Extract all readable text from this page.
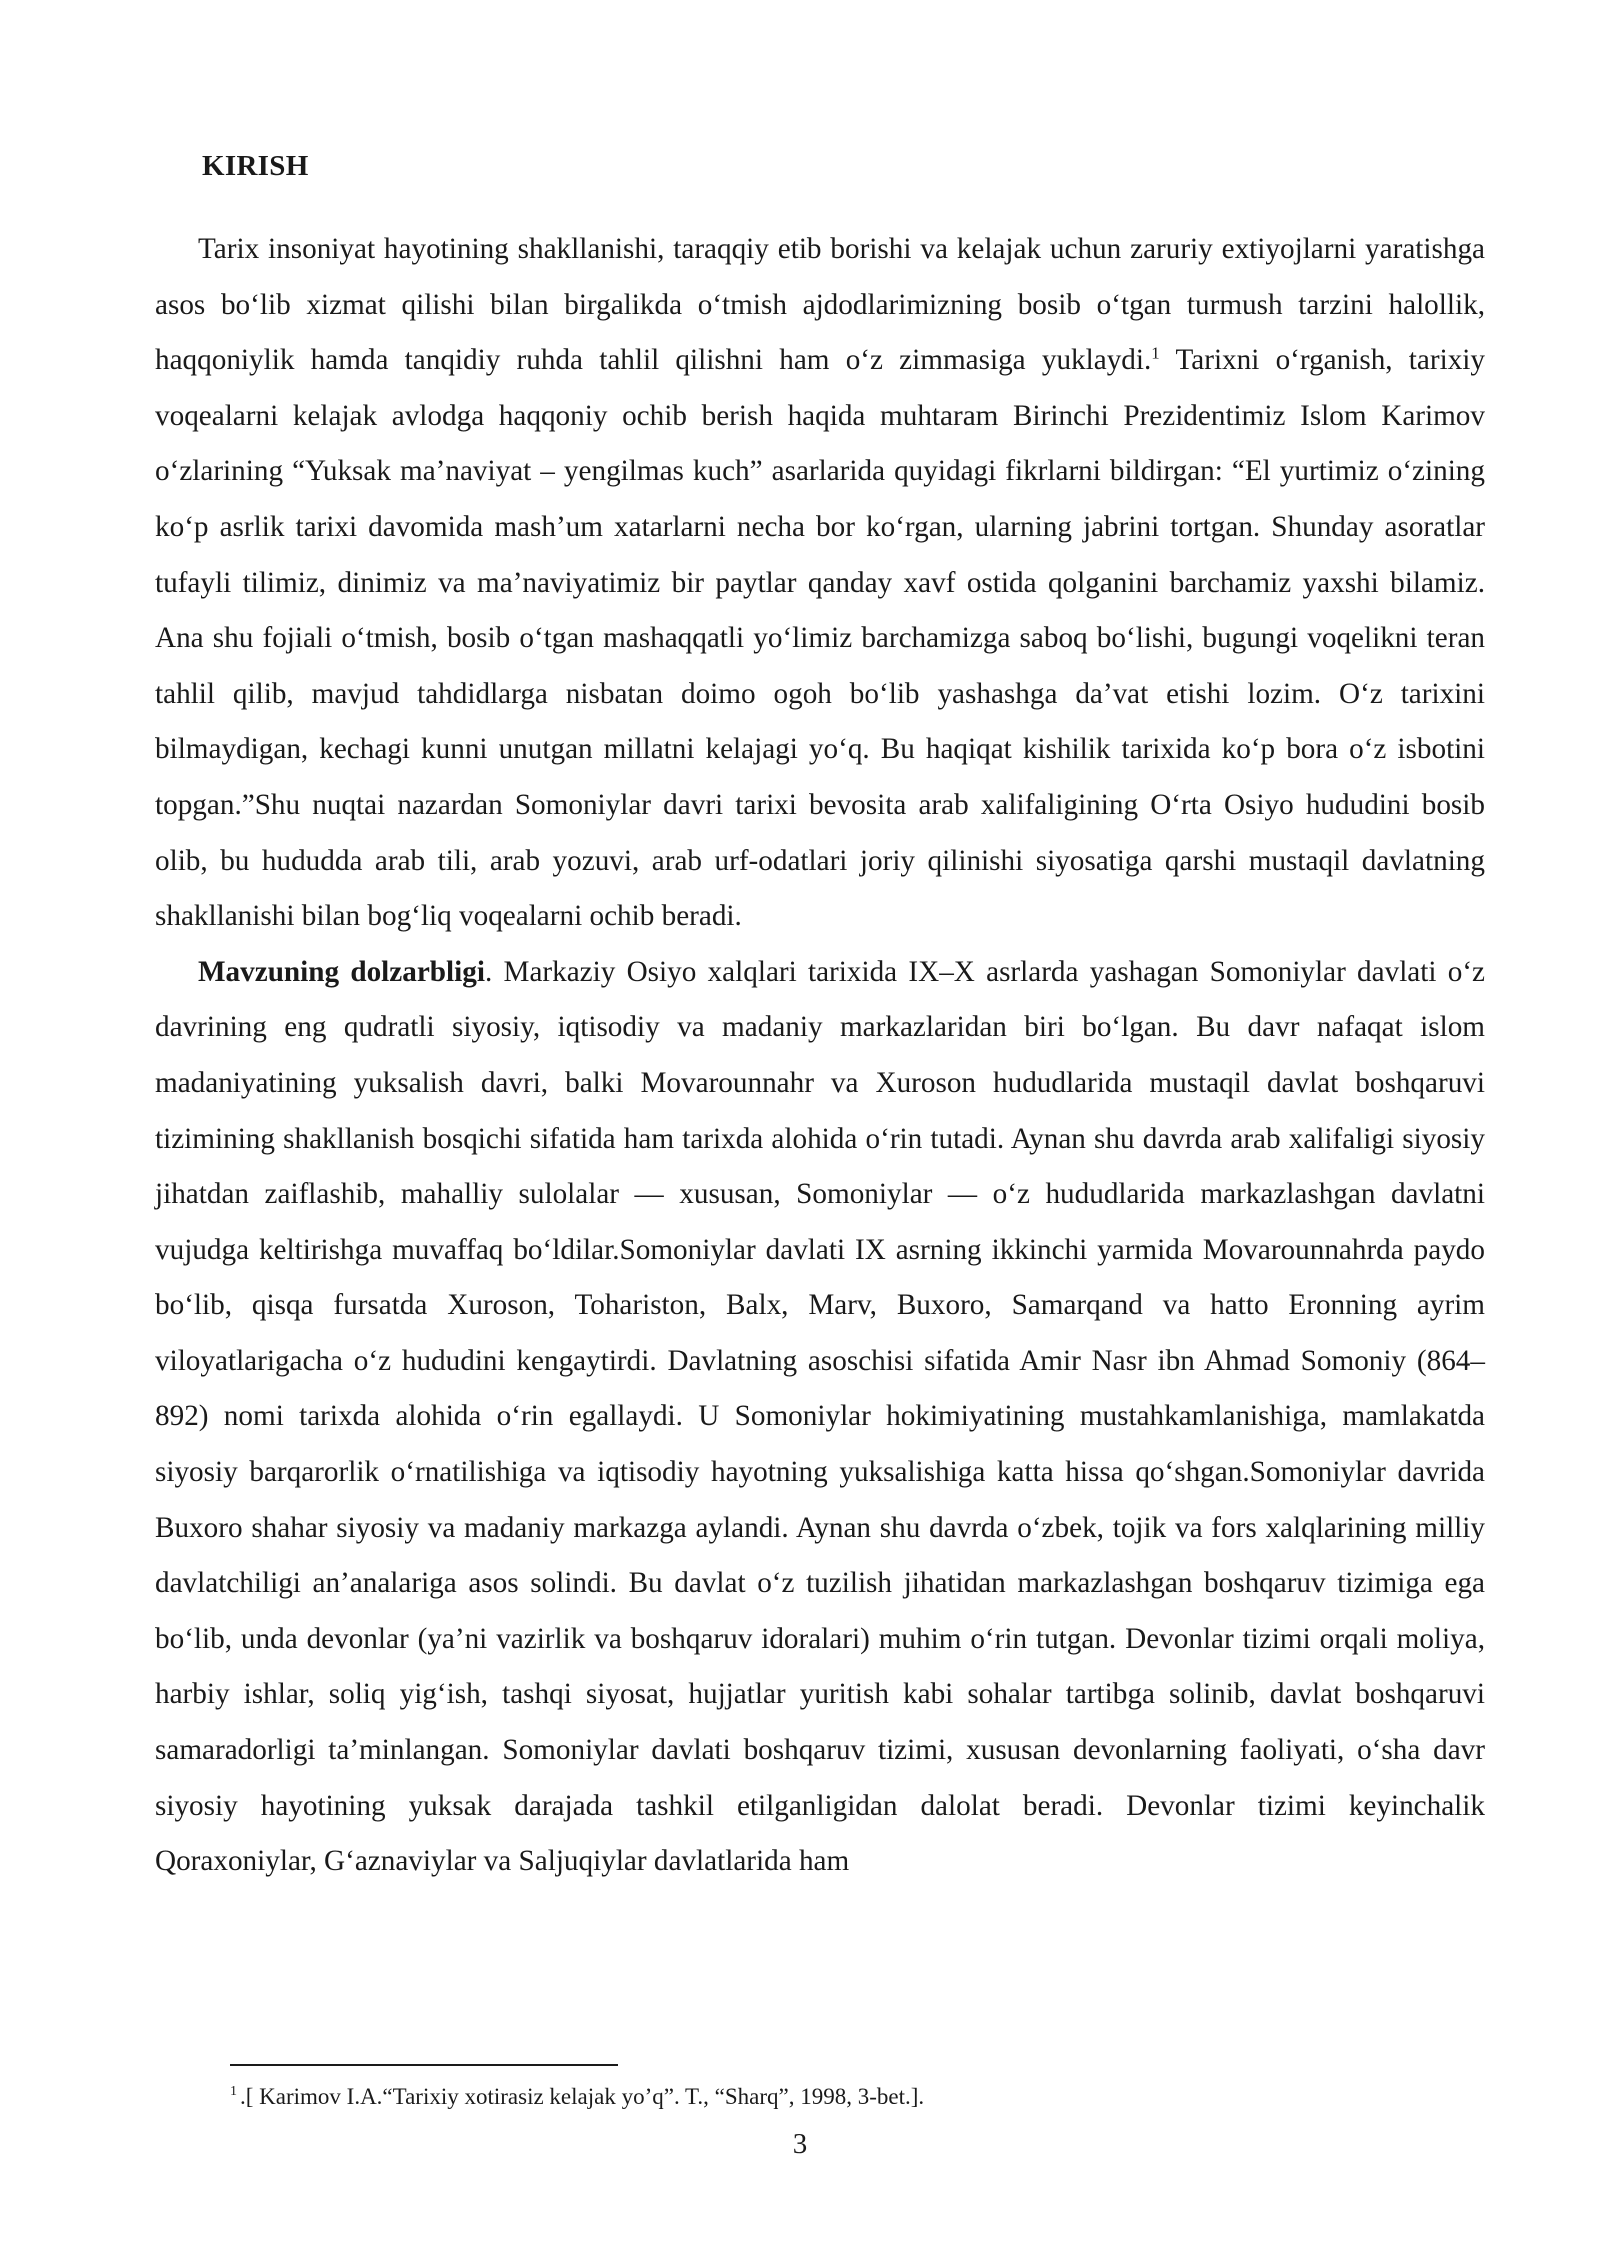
KIRISH

Tarix insoniyat hayotining shakllanishi, taraqqiy etib borishi va kelajak uchun zaruriy extiyojlarni yaratishga asos bo‘lib xizmat qilishi bilan birgalikda o‘tmish ajdodlarimizning bosib o‘tgan turmush tarzini halollik, haqqoniylik hamda tanqidiy ruhda tahlil qilishni ham o‘z zimmasiga yuklaydi.$^1$ Tarixni o‘rganish, tarixiy voqealarni kelajak avlodga haqqoniy ochib berish haqida muhtaram Birinchi Prezidentimiz Islom Karimov o‘zlarining “Yuksak ma’naviyat – yengilmas kuch” asarlarida quyidagi fikrlarni bildirgan: “El yurtimiz o‘zining ko‘p asrlik tarixi davomida mash’um xatarlarni necha bor ko‘rgan, ularning jabrini tortgan. Shunday asoratlar tufayli tilimiz, dinimiz va ma’naviyatimiz bir paytlar qanday xavf ostida qolganini barchamiz yaxshi bilamiz. Ana shu fojiali o‘tmish, bosib o‘tgan mashaqqatli yo‘limiz barchamizga saboq bo‘lishi, bugungi voqelikni teran tahlil qilib, mavjud tahdidlarga nisbatan doimo ogoh bo‘lib yashashga da’vat etishi lozim. O‘z tarixini bilmaydigan, kechagi kunni unutgan millatni kelajagi yo‘q. Bu haqiqat kishilik tarixida ko‘p bora o‘z isbotini topgan.”Shu nuqtai nazardan Somoniylar davri tarixi bevosita arab xalifaligining O‘rta Osiyo hududini bosib olib, bu hududda arab tili, arab yozuvi, arab urf-odatlari joriy qilinishi siyosatiga qarshi mustaqil davlatning shakllanishi bilan bog‘liq voqealarni ochib beradi.

Mavzuning dolzarbligi. Markaziy Osiyo xalqlari tarixida IX–X asrlarda yashagan Somoniylar davlati o‘z davrining eng qudratli siyosiy, iqtisodiy va madaniy markazlaridan biri bo‘lgan. Bu davr nafaqat islom madaniyatining yuksalish davri, balki Movarounnahr va Xuroson hududlarida mustaqil davlat boshqaruvi tizimining shakllanish bosqichi sifatida ham tarixda alohida o‘rin tutadi. Aynan shu davrda arab xalifaligi siyosiy jihatdan zaiflashib, mahalliy sulolalar — xususan, Somoniylar — o‘z hududlarida markazlashgan davlatni vujudga keltirishga muvaffaq bo‘ldilar.Somoniylar davlati IX asrning ikkinchi yarmida Movarounnahrda paydo bo‘lib, qisqa fursatda Xuroson, Tohariston, Balx, Marv, Buxoro, Samarqand va hatto Eronning ayrim viloyatlarigacha o‘z hududini kengaytirdi. Davlatning asoschisi sifatida Amir Nasr ibn Ahmad Somoniy (864–892) nomi tarixda alohida o‘rin egallaydi. U Somoniylar hokimiyatining mustahkamlanishiga, mamlakatda siyosiy barqarorlik o‘rnatilishiga va iqtisodiy hayotning yuksalishiga katta hissa qo‘shgan.Somoniylar davrida Buxoro shahar siyosiy va madaniy markazga aylandi. Aynan shu davrda o‘zbek, tojik va fors xalqlarining milliy davlatchiligi an’analariga asos solindi. Bu davlat o‘z tuzilish jihatidan markazlashgan boshqaruv tizimiga ega bo‘lib, unda devonlar (ya’ni vazirlik va boshqaruv idoralari) muhim o‘rin tutgan. Devonlar tizimi orqali moliya, harbiy ishlar, soliq yig‘ish, tashqi siyosat, hujjatlar yuritish kabi sohalar tartibga solinib, davlat boshqaruvi samaradorligi ta’minlangan. Somoniylar davlati boshqaruv tizimi, xususan devonlarning faoliyati, o‘sha davr siyosiy hayotining yuksak darajada tashkil etilganligidan dalolat beradi. Devonlar tizimi keyinchalik Qoraxoniylar, G‘aznaviylar va Saljuqiylar davlatlarida ham

$^1$ .[ Karimov I.A.“Tarixiy xotirasiz kelajak yo’q”. T., “Sharq”, 1998, 3-bet.].
3
